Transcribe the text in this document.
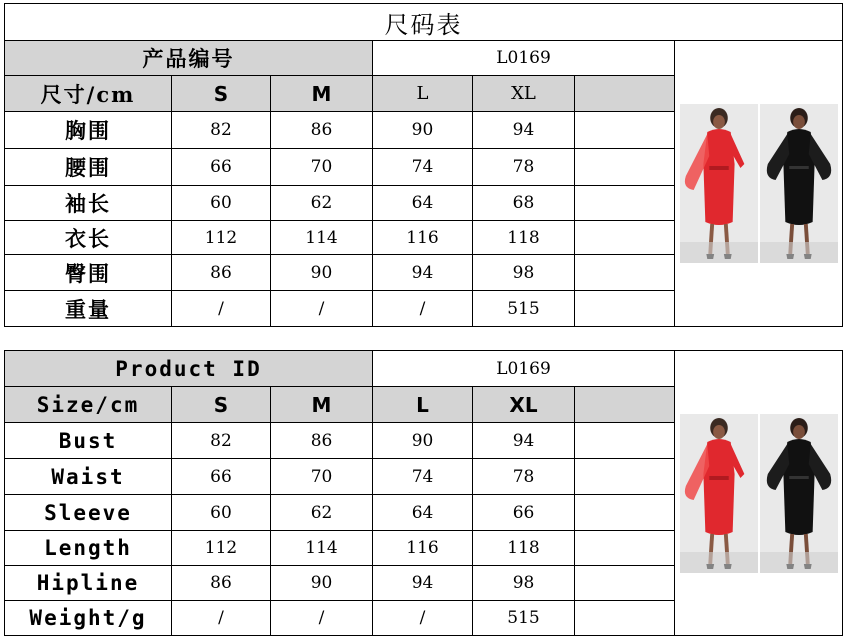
尺码表						
产品编号			L0169	

尺寸/cm	S	M	L	XL		
胸围	82	86	90	94		
腰围	66	70	74	78		
袖长	60	62	64	68		
衣长	112	114	116	118		
臀围	86	90	94	98		
重量	/	/	/	515		
Product ID			L0169	

Size/cm	S	M	L	XL		
Bust	82	86	90	94		
Waist	66	70	74	78		
Sleeve	60	62	64	66		
Length	112	114	116	118		
Hipline	86	90	94	98		
Weight/g	/	/	/	515		
